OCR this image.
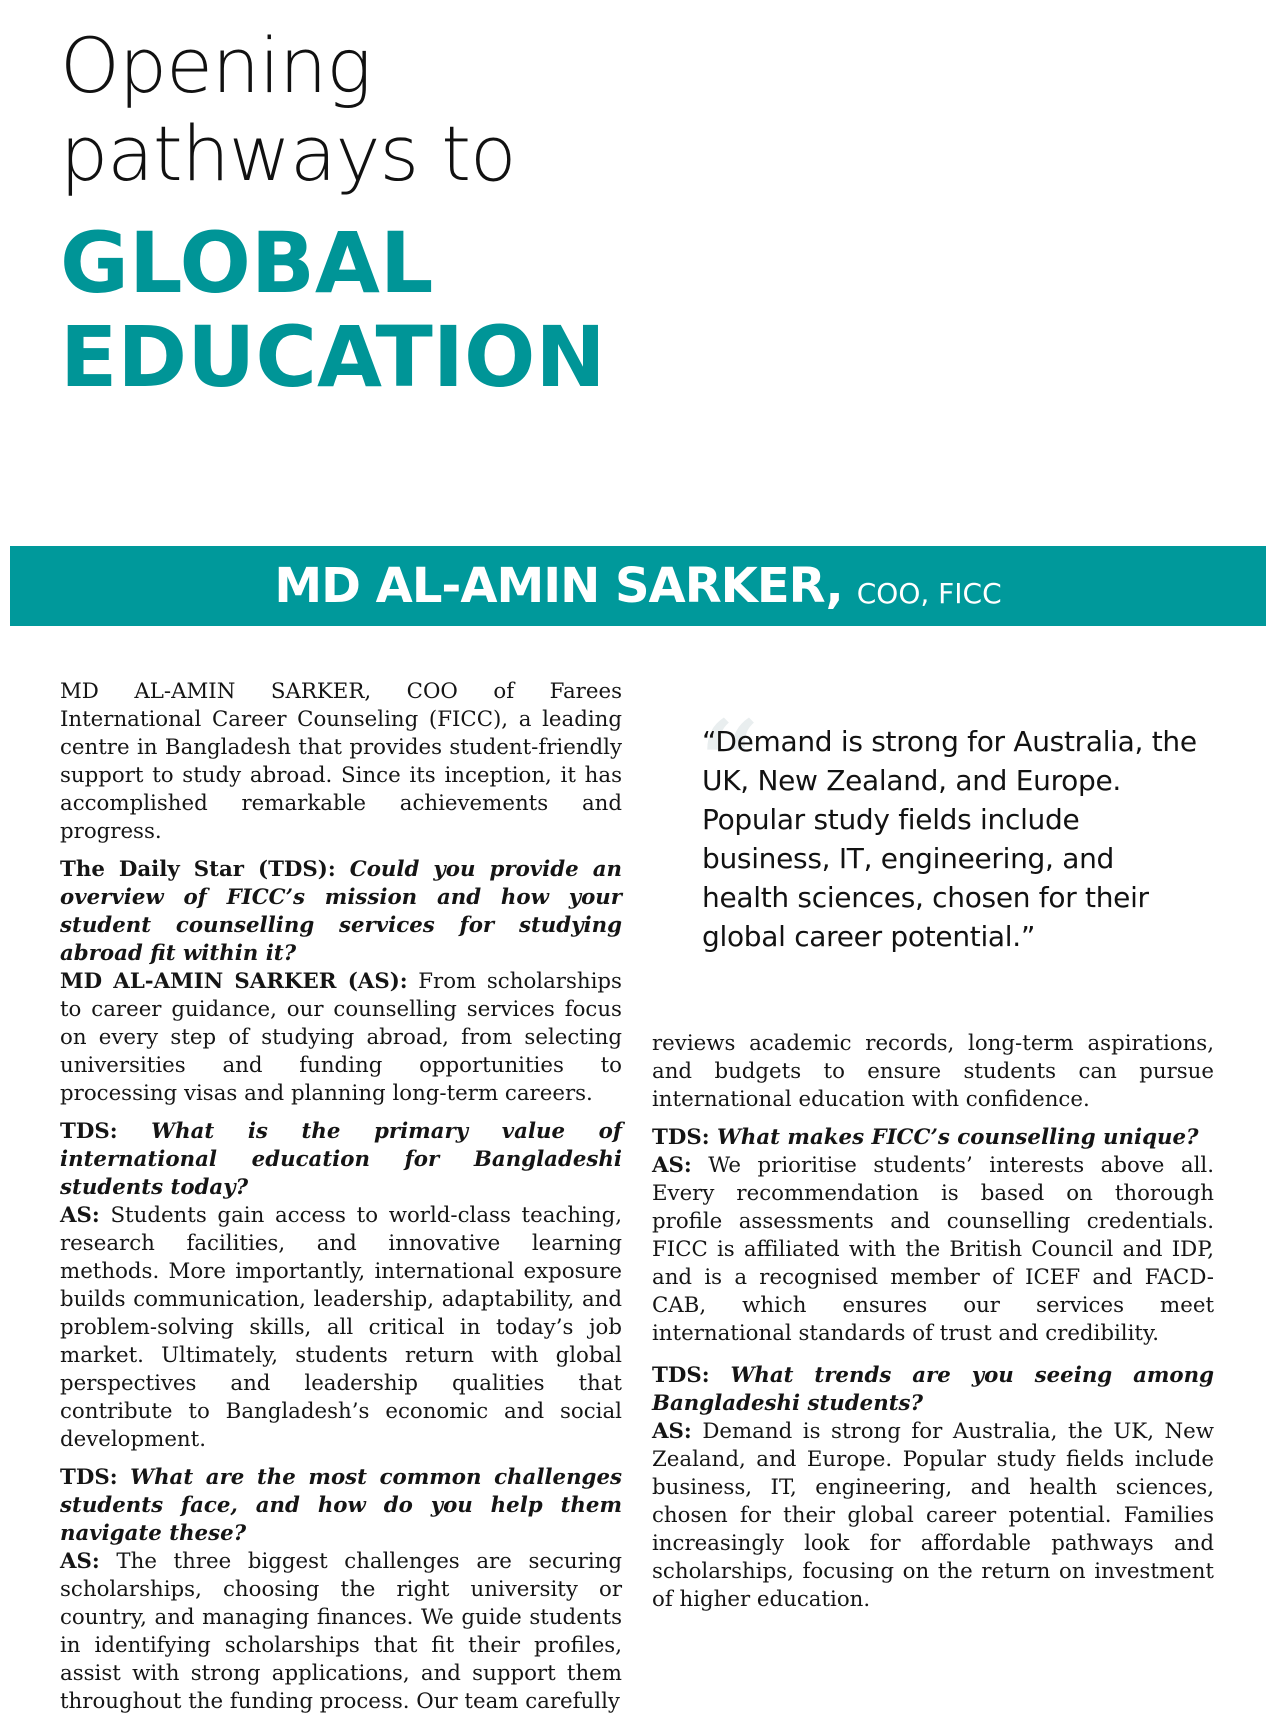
Opening
pathways to
GLOBAL
EDUCATION
MD AL-AMIN SARKER, COO, FICC

MD AL-AMIN SARKER, COO of Farees International Career Counseling (FICC), a leading centre in Bangladesh that provides student-friendly support to study abroad. Since its inception, it has accomplished remarkable achievements and progress.

The Daily Star (TDS): Could you provide an overview of FICC’s mission and how your student counselling services for studying abroad fit within it?
MD AL-AMIN SARKER (AS): From scholarships to career guidance, our counselling services focus on every step of studying abroad, from selecting universities and funding opportunities to processing visas and planning long-term careers.

TDS: What is the primary value of international education for Bangladeshi students today?
AS: Students gain access to world-class teaching, research facilities, and innovative learning methods. More importantly, international exposure builds communication, leadership, adaptability, and problem-solving skills, all critical in today’s job market. Ultimately, students return with global perspectives and leadership qualities that contribute to Bangladesh’s economic and social development.

TDS: What are the most common challenges students face, and how do you help them navigate these?
AS: The three biggest challenges are securing scholarships, choosing the right university or country, and managing finances. We guide students in identifying scholarships that fit their profiles, assist with strong applications, and support them throughout the funding process. Our team carefully

“
“Demand is strong for Australia, the UK, New Zealand, and Europe. Popular study fields include business, IT, engineering, and health sciences, chosen for their global career potential.”

reviews academic records, long-term aspirations, and budgets to ensure students can pursue international education with confidence.

TDS: What makes FICC’s counselling unique?
AS: We prioritise students’ interests above all. Every recommendation is based on thorough profile assessments and counselling credentials. FICC is affiliated with the British Council and IDP, and is a recognised member of ICEF and FACD-CAB, which ensures our services meet international standards of trust and credibility.

TDS: What trends are you seeing among Bangladeshi students?
AS: Demand is strong for Australia, the UK, New Zealand, and Europe. Popular study fields include business, IT, engineering, and health sciences, chosen for their global career potential. Families increasingly look for affordable pathways and scholarships, focusing on the return on investment of higher education.
